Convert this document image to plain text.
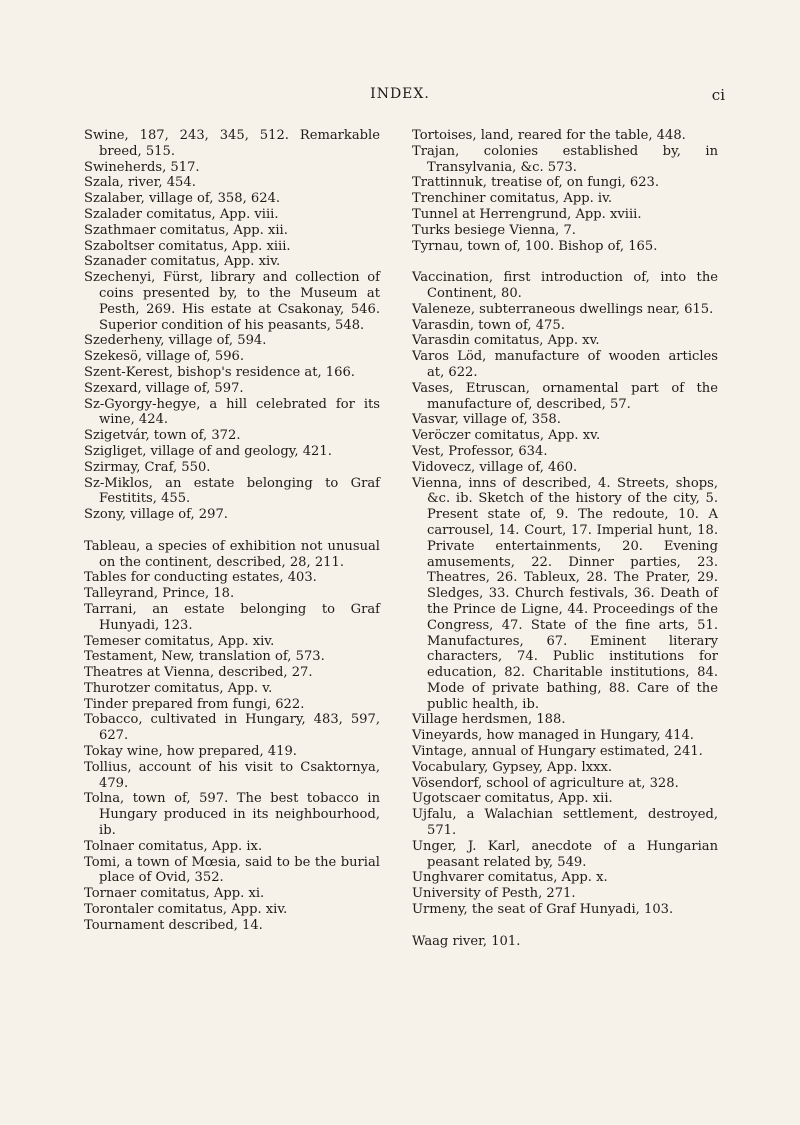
INDEX.	ci

Swine, 187, 243, 345, 512. Remarkable breed, 515.

Swineherds, 517.

Szala, river, 454.

Szalaber, village of, 358, 624.

Szalader comitatus, App. viii.

Szathmaer comitatus, App. xii.

Szaboltser comitatus, App. xiii.

Szanader comitatus, App. xiv.

Szechenyi, Fürst, library and collection of coins presented by, to the Museum at Pesth, 269. His estate at Csakonay, 546. Superior condition of his peasants, 548.

Szederheny, village of, 594.

Szekesö, village of, 596.

Szent-Kerest, bishop's residence at, 166.

Szexard, village of, 597.

Sz-Gyorgy-hegye, a hill celebrated for its wine, 424.

Szigetvár, town of, 372.

Szigliget, village of and geology, 421.

Szirmay, Craf, 550.

Sz-Miklos, an estate belonging to Graf Festitits, 455.

Szony, village of, 297.

Tableau, a species of exhibition not unusual on the continent, described, 28, 211.

Tables for conducting estates, 403.

Talleyrand, Prince, 18.

Tarrani, an estate belonging to Graf Hunyadi, 123.

Temeser comitatus, App. xiv.

Testament, New, translation of, 573.

Theatres at Vienna, described, 27.

Thurotzer comitatus, App. v.

Tinder prepared from fungi, 622.

Tobacco, cultivated in Hungary, 483, 597, 627.

Tokay wine, how prepared, 419.

Tollius, account of his visit to Csaktornya, 479.

Tolna, town of, 597. The best tobacco in Hungary produced in its neighbourhood, ib.

Tolnaer comitatus, App. ix.

Tomi, a town of Mœsia, said to be the burial place of Ovid, 352.

Tornaer comitatus, App. xi.

Torontaler comitatus, App. xiv.

Tournament described, 14.

Tortoises, land, reared for the table, 448.

Trajan, colonies established by, in Transylvania, &c. 573.

Trattinnuk, treatise of, on fungi, 623.

Trenchiner comitatus, App. iv.

Tunnel at Herrengrund, App. xviii.

Turks besiege Vienna, 7.

Tyrnau, town of, 100. Bishop of, 165.

Vaccination, first introduction of, into the Continent, 80.

Valeneze, subterraneous dwellings near, 615.

Varasdin, town of, 475.

Varasdin comitatus, App. xv.

Varos Löd, manufacture of wooden articles at, 622.

Vases, Etruscan, ornamental part of the manufacture of, described, 57.

Vasvar, village of, 358.

Veröczer comitatus, App. xv.

Vest, Professor, 634.

Vidovecz, village of, 460.

Vienna, inns of described, 4. Streets, shops, &c. ib. Sketch of the history of the city, 5. Present state of, 9. The redoute, 10. A carrousel, 14. Court, 17. Imperial hunt, 18. Private entertainments, 20. Evening amusements, 22. Dinner parties, 23. Theatres, 26. Tableux, 28. The Prater, 29. Sledges, 33. Church festivals, 36. Death of the Prince de Ligne, 44. Proceedings of the Congress, 47. State of the fine arts, 51. Manufactures, 67. Eminent literary characters, 74. Public institutions for education, 82. Charitable institutions, 84. Mode of private bathing, 88. Care of the public health, ib.

Village herdsmen, 188.

Vineyards, how managed in Hungary, 414.

Vintage, annual of Hungary estimated, 241.

Vocabulary, Gypsey, App. lxxx.

Vösendorf, school of agriculture at, 328.

Ugotscaer comitatus, App. xii.

Ujfalu, a Walachian settlement, destroyed, 571.

Unger, J. Karl, anecdote of a Hungarian peasant related by, 549.

Unghvarer comitatus, App. x.

University of Pesth, 271.

Urmeny, the seat of Graf Hunyadi, 103.

Waag river, 101.
